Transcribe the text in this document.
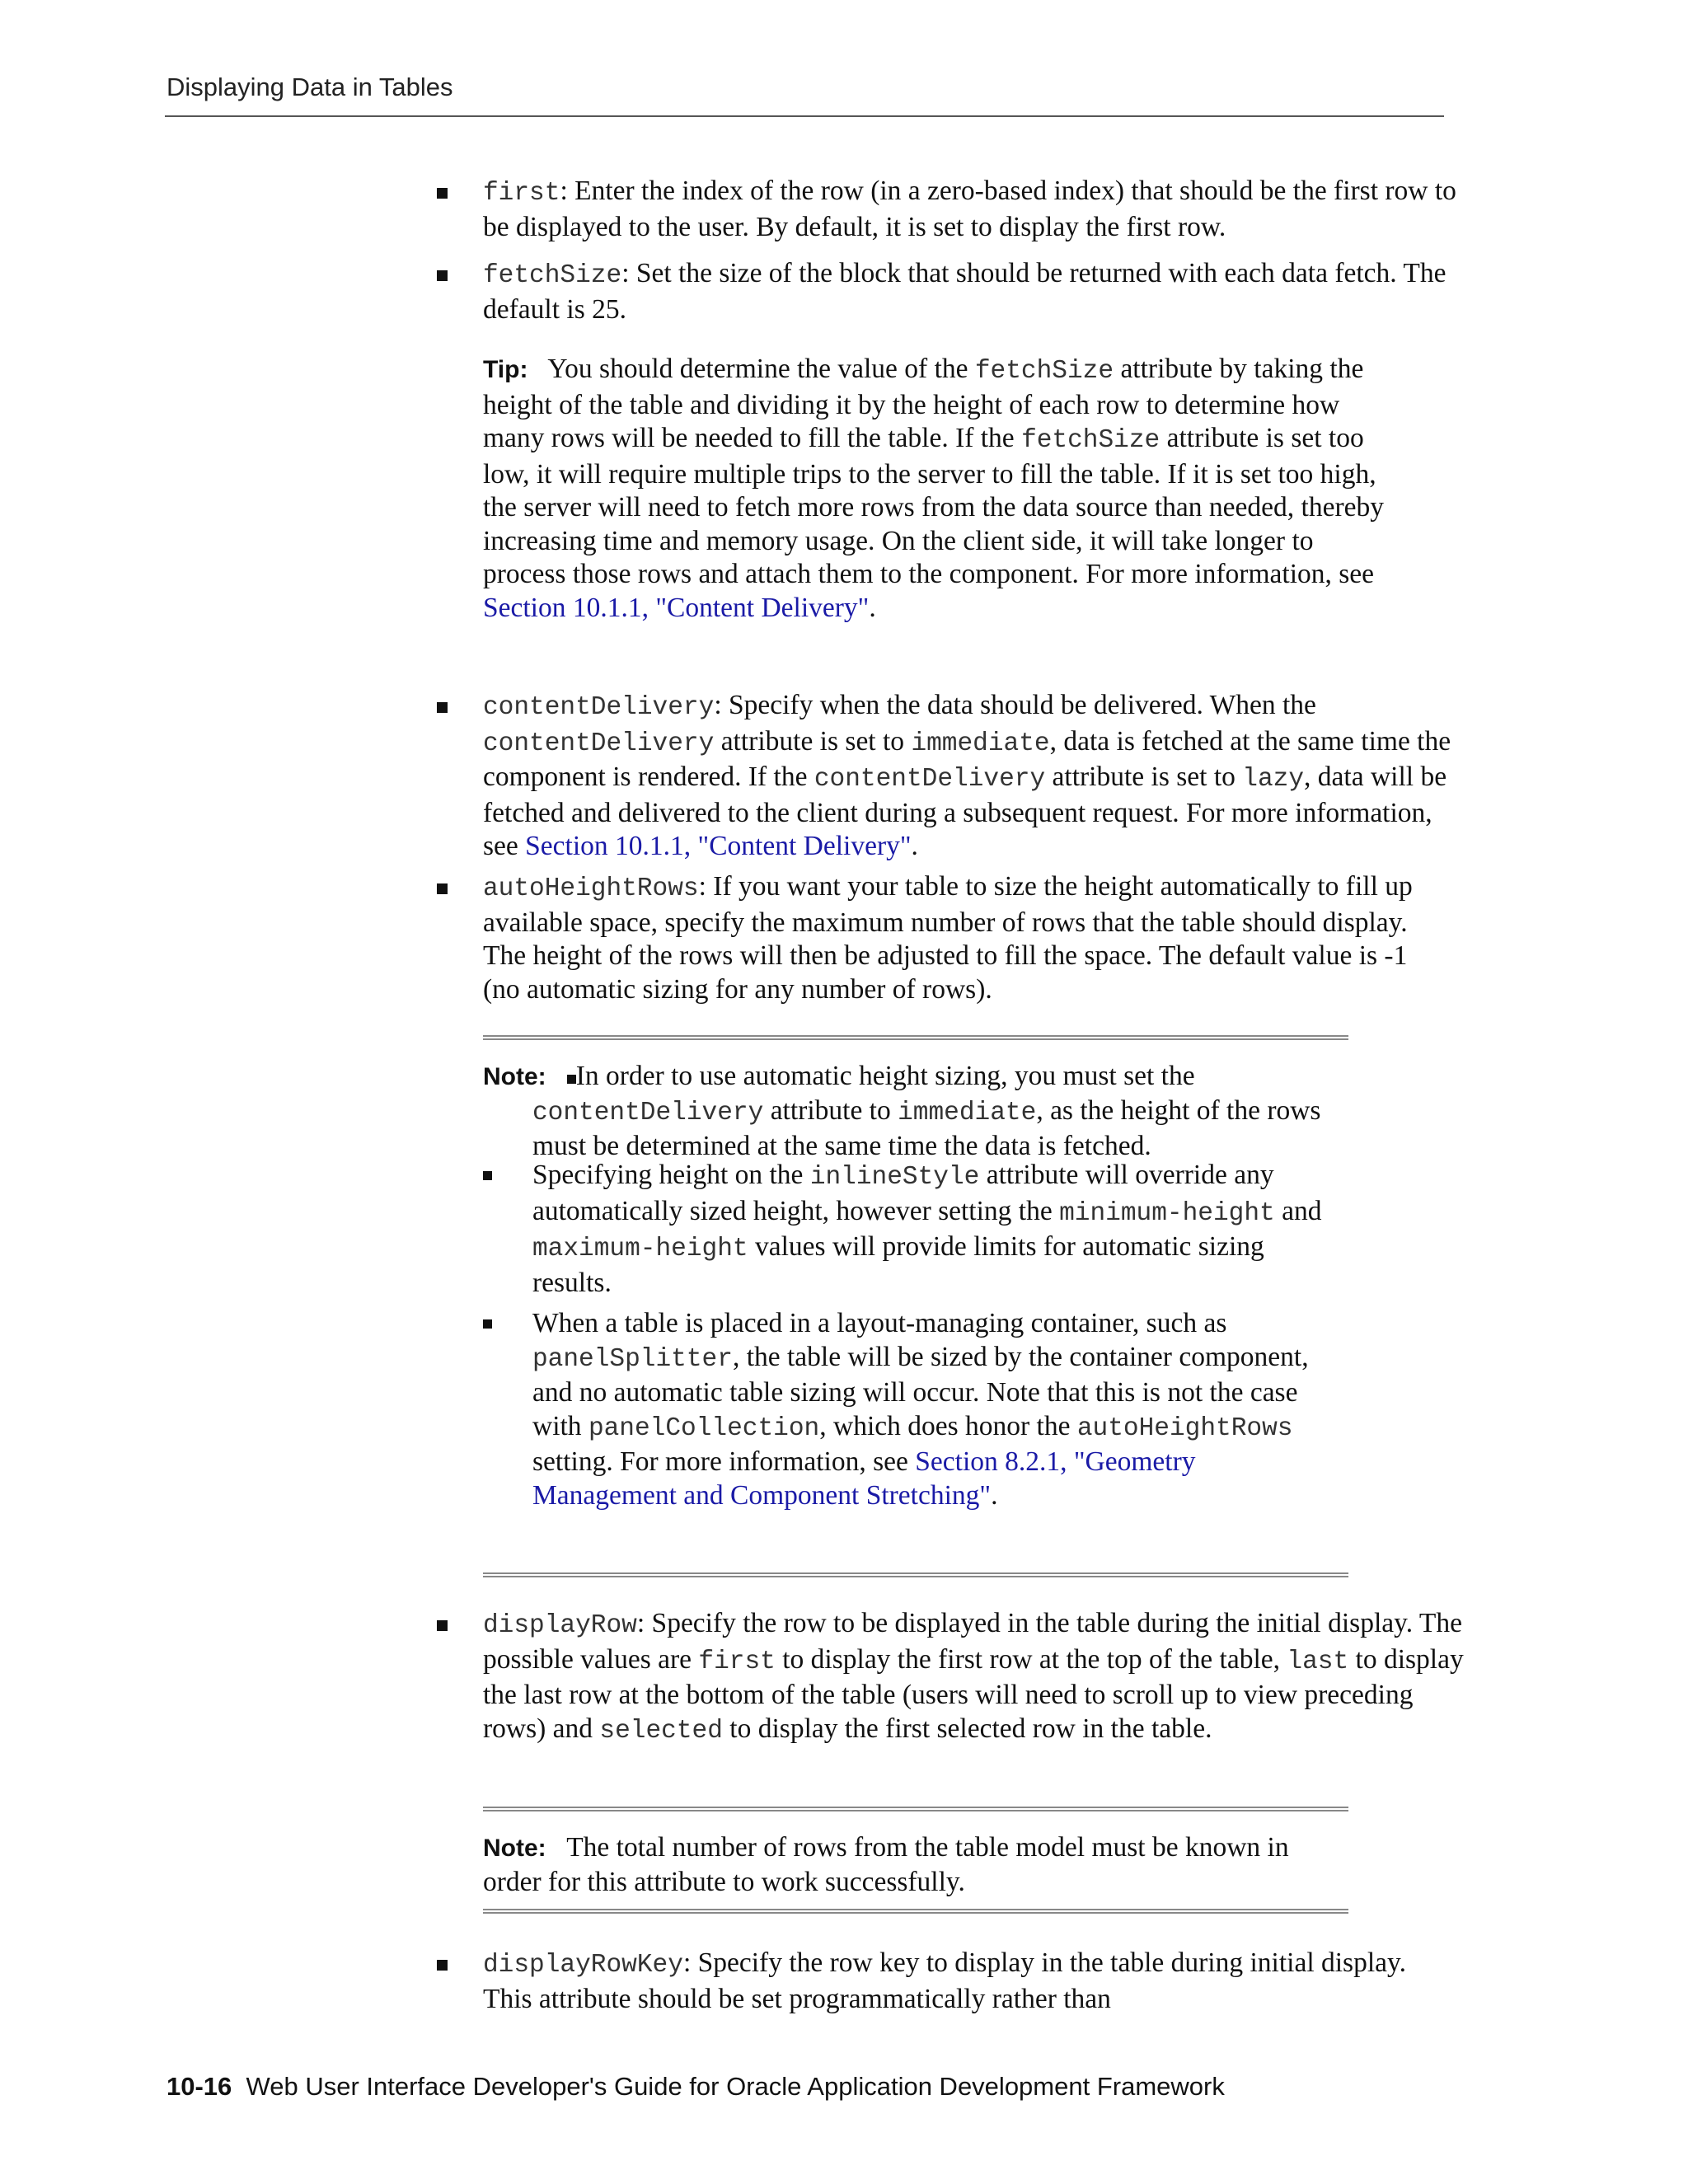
Displaying Data in Tables
first: Enter the index of the row (in a zero-based index) that should be the first row to be displayed to the user. By default, it is set to display the first row.
fetchSize: Set the size of the block that should be returned with each data fetch. The default is 25.
Tip: You should determine the value of the fetchSize attribute by taking the height of the table and dividing it by the height of each row to determine how many rows will be needed to fill the table. If the fetchSize attribute is set too low, it will require multiple trips to the server to fill the table. If it is set too high, the server will need to fetch more rows from the data source than needed, thereby increasing time and memory usage. On the client side, it will take longer to process those rows and attach them to the component. For more information, see Section 10.1.1, "Content Delivery".
contentDelivery: Specify when the data should be delivered. When the contentDelivery attribute is set to immediate, data is fetched at the same time the component is rendered. If the contentDelivery attribute is set to lazy, data will be fetched and delivered to the client during a subsequent request. For more information, see Section 10.1.1, "Content Delivery".
autoHeightRows: If you want your table to size the height automatically to fill up available space, specify the maximum number of rows that the table should display. The height of the rows will then be adjusted to fill the space. The default value is -1 (no automatic sizing for any number of rows).
Note: In order to use automatic height sizing, you must set the
contentDelivery attribute to immediate, as the height of the rows must be determined at the same time the data is fetched.
Specifying height on the inlineStyle attribute will override any automatically sized height, however setting the minimum-height and maximum-height values will provide limits for automatic sizing results.
When a table is placed in a layout-managing container, such as panelSplitter, the table will be sized by the container component, and no automatic table sizing will occur. Note that this is not the case with panelCollection, which does honor the autoHeightRows setting. For more information, see Section 8.2.1, "Geometry Management and Component Stretching".
displayRow: Specify the row to be displayed in the table during the initial display. The possible values are first to display the first row at the top of the table, last to display the last row at the bottom of the table (users will need to scroll up to view preceding rows) and selected to display the first selected row in the table.
Note: The total number of rows from the table model must be known in order for this attribute to work successfully.
displayRowKey: Specify the row key to display in the table during initial display. This attribute should be set programmatically rather than
10-16 Web User Interface Developer's Guide for Oracle Application Development Framework
